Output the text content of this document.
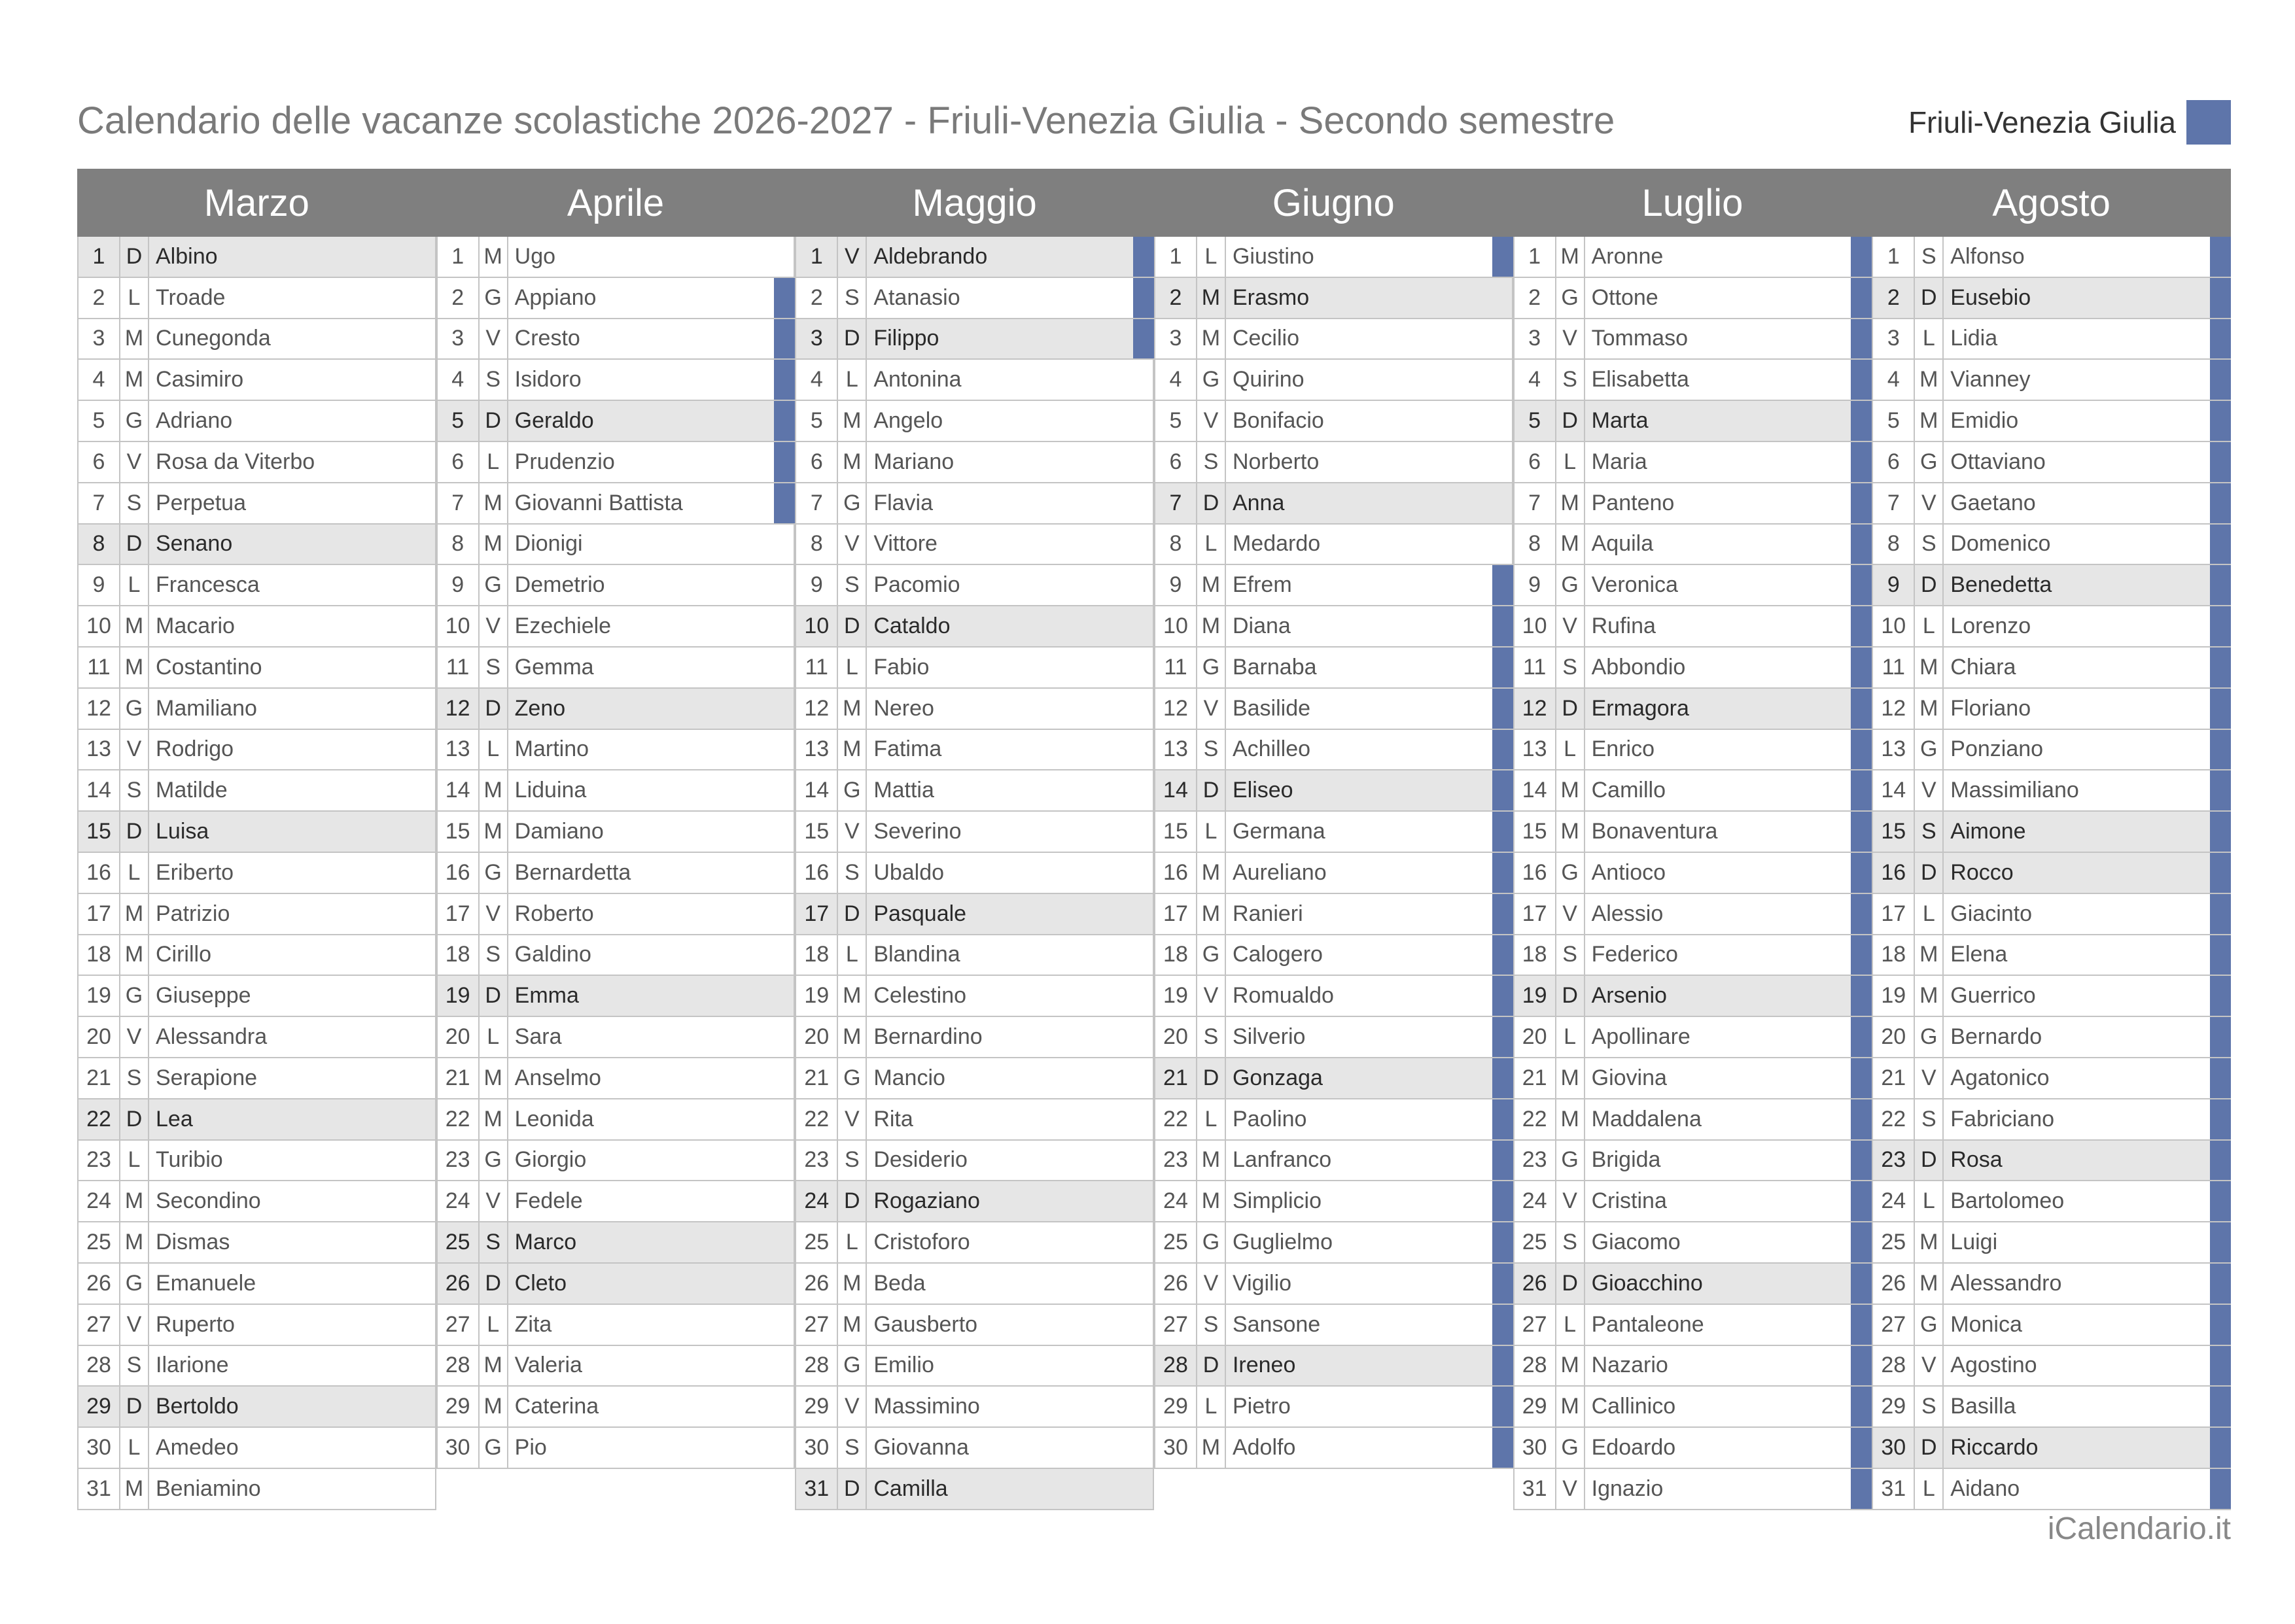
Calendario delle vacanze scolastiche 2026-2027 - Friuli-Venezia Giulia - Secondo semestre	Friuli-Venezia Giulia
Marzo
1 D Albino
2	L Troade
3 M Cunegonda
4 M Casimiro
5 G Adriano
6 V Rosa da Viterbo
7 S Perpetua
8 D Senano
9	L Francesca
10 M Macario
11 M Costantino
12 G Mamiliano
13 V Rodrigo
14 S Matilde
15 D Luisa
16 L Eriberto
17 M Patrizio
18 M Cirillo
19 G Giuseppe
20 V Alessandra
21 S Serapione
22 D Lea
23 L Turibio
24 M Secondino
25 M Dismas
26 G Emanuele
27 V Ruperto
28 S Ilarione
29 D Bertoldo
30 L Amedeo
31 M Beniamino
Aprile
1 M Ugo
2 G Appiano
3 V Cresto
4 S Isidoro
5 D Geraldo
6	L Prudenzio
7 M Giovanni Battista
8 M Dionigi
9 G Demetrio
10 V Ezechiele
11 S Gemma
12 D Zeno
13 L Martino
14 M Liduina
15 M Damiano
16 G Bernardetta
17 V Roberto
18 S Galdino
19 D Emma
20 L Sara
21 M Anselmo
22 M Leonida
23 G Giorgio
24 V Fedele
25 S Marco
26 D Cleto
27 L Zita
28 M Valeria
29 M Caterina
30 G Pio
Maggio
1 V Aldebrando
2 S Atanasio
3 D Filippo
4	L Antonina
5 M Angelo
6 M Mariano
7 G Flavia
8 V Vittore
9 S Pacomio
10 D Cataldo
11 L Fabio
12 M Nereo
13 M Fatima
14 G Mattia
15 V Severino
16 S Ubaldo
17 D Pasquale
18 L Blandina
19 M Celestino
20 M Bernardino
21 G Mancio
22 V Rita
23 S Desiderio
24 D Rogaziano
25 L Cristoforo
26 M Beda
27 M Gausberto
28 G Emilio
29 V Massimino
30 S Giovanna
31 D Camilla
Giugno
1	L Giustino
2 M Erasmo
3 M Cecilio
4 G Quirino
5 V Bonifacio
6 S Norberto
7 D Anna
8	L Medardo
9 M Efrem
10 M Diana
11 G Barnaba
12 V Basilide
13 S Achilleo
14 D Eliseo
15 L Germana
16 M Aureliano
17 M Ranieri
18 G Calogero
19 V Romualdo
20 S Silverio
21 D Gonzaga
22 L Paolino
23 M Lanfranco
24 M Simplicio
25 G Guglielmo
26 V Vigilio
27 S Sansone
28 D Ireneo
29 L Pietro
30 M Adolfo
Luglio
1 M Aronne
2 G Ottone
3 V Tommaso
4 S Elisabetta
5 D Marta
6	L Maria
7 M Panteno
8 M Aquila
9 G Veronica
10 V Rufina
11 S Abbondio
12 D Ermagora
13 L Enrico
14 M Camillo
15 M Bonaventura
16 G Antioco
17 V Alessio
18 S Federico
19 D Arsenio
20 L Apollinare
21 M Giovina
22 M Maddalena
23 G Brigida
24 V Cristina
25 S Giacomo
26 D Gioacchino
27 L Pantaleone
28 M Nazario
29 M Callinico
30 G Edoardo
31 V Ignazio
Agosto
1 S Alfonso
2 D Eusebio
3	L Lidia
4 M Vianney
5 M Emidio
6 G Ottaviano
7 V Gaetano
8 S Domenico
9 D Benedetta
10 L Lorenzo
11 M Chiara
12 M Floriano
13 G Ponziano
14 V Massimiliano
15 S Aimone
16 D Rocco
17 L Giacinto
18 M Elena
19 M Guerrico
20 G Bernardo
21 V Agatonico
22 S Fabriciano
23 D Rosa
24 L Bartolomeo
25 M Luigi
26 M Alessandro
27 G Monica
28 V Agostino
29 S Basilla
30 D Riccardo
31 L Aidano
iCalendario.it
